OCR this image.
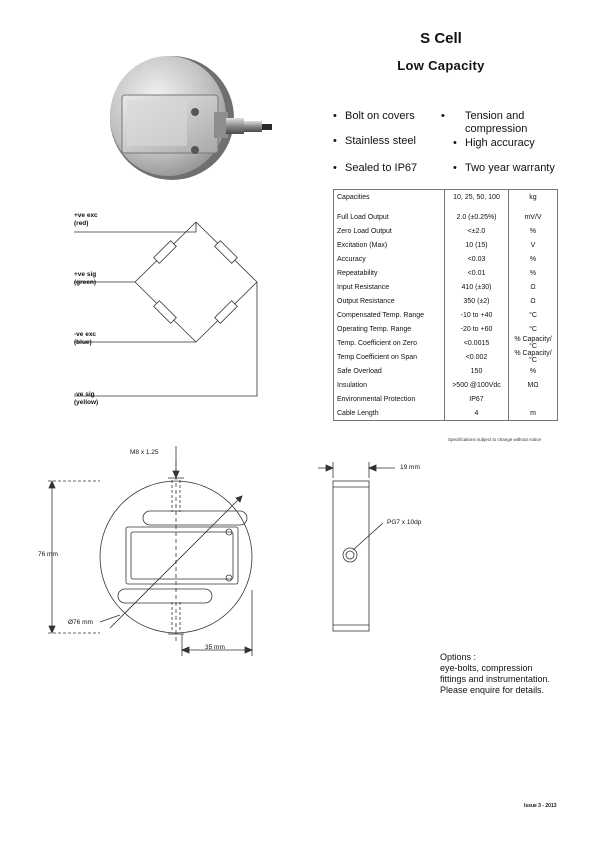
S Cell
Low Capacity
• Bolt on covers • Tension and
compression
• Stainless steel	• High accuracy
• Sealed to IP67	• Two year warranty
Capacities	10, 25, 50, 100	kg
Full Load Output	2.0 (±0.25%)	mV/V
Zero Load Output	<±2.0	%
Excitation (Max)	10 (15)	V
Accuracy	<0.03	%
Repeatability	<0.01	%
Input Resistance	410 (±30)	Ω
Output Resistance	350 (±2)	Ω
Compensated Temp. Range	-10 to +40	°C
Operating Temp. Range	-20 to +60	°C
Temp. Coefficient on Zero	<0.0015	% Capacity/°C
Temp Coefficient on Span	<0.002	% Capacity/°C
Safe Overload	150	%
Insulation	>500 @100Vdc	MΩ
Environmental Protection	IP67	
Cable Length	4	m
Specifications subject to change without notice
+ve exc
(red)
+ve sig
(green)
-ve exc
(blue)
-ve sig
(yellow)
M8 x 1.25
76 mm
Ø76 mm
35 mm
19 mm
PG7 x 10dp
Options :
eye-bolts, compression
fittings and instrumentation.
Please enquire for details.
Issue 3 - 2013
